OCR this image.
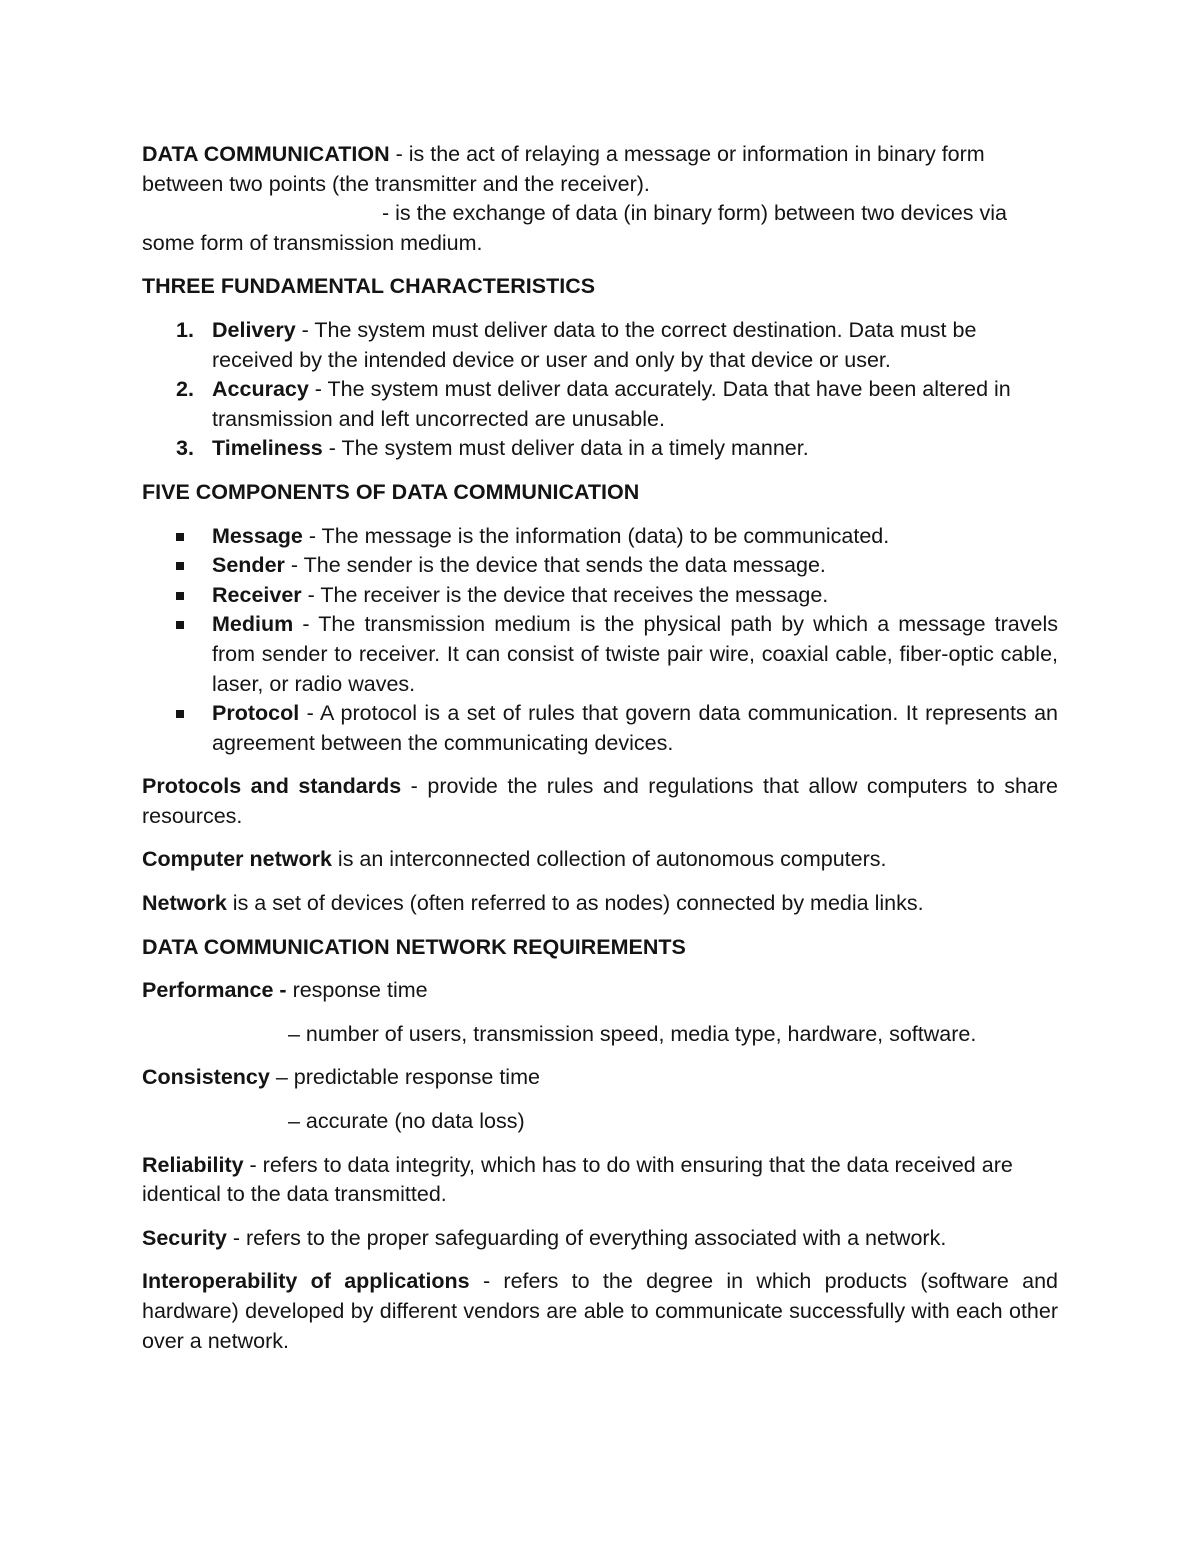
DATA COMMUNICATION - is the act of relaying a message or information in binary form between two points (the transmitter and the receiver).

- is the exchange of data (in binary form) between two devices via

some form of transmission medium.

THREE FUNDAMENTAL CHARACTERISTICS
1. Delivery - The system must deliver data to the correct destination. Data must be received by the intended device or user and only by that device or user.
2. Accuracy - The system must deliver data accurately. Data that have been altered in transmission and left uncorrected are unusable.
3. Timeliness - The system must deliver data in a timely manner.
FIVE COMPONENTS OF DATA COMMUNICATION
Message - The message is the information (data) to be communicated.
Sender - The sender is the device that sends the data message.
Receiver - The receiver is the device that receives the message.
Medium - The transmission medium is the physical path by which a message travels from sender to receiver. It can consist of twiste pair wire, coaxial cable, fiber-optic cable, laser, or radio waves.
Protocol - A protocol is a set of rules that govern data communication. It represents an agreement between the communicating devices.

Protocols and standards - provide the rules and regulations that allow computers to share resources.

Computer network is an interconnected collection of autonomous computers.

Network is a set of devices (often referred to as nodes) connected by media links.

DATA COMMUNICATION NETWORK REQUIREMENTS

Performance - response time

– number of users, transmission speed, media type, hardware, software.

Consistency – predictable response time

– accurate (no data loss)

Reliability - refers to data integrity, which has to do with ensuring that the data received are identical to the data transmitted.

Security - refers to the proper safeguarding of everything associated with a network.

Interoperability of applications - refers to the degree in which products (software and hardware) developed by different vendors are able to communicate successfully with each other over a network.
